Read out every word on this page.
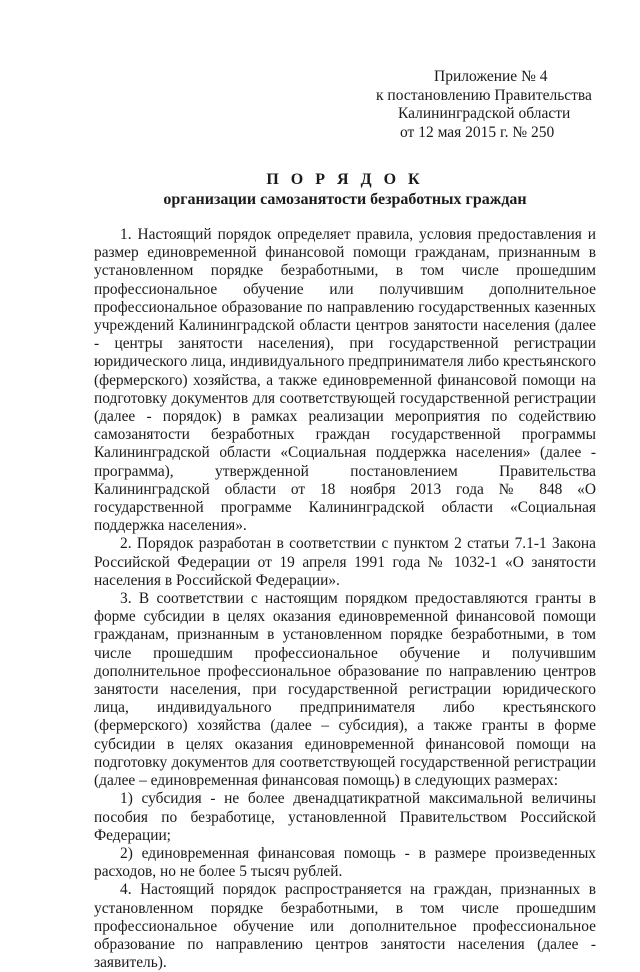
Приложение № 4
к постановлению Правительства
Калининградской области
от 12 мая 2015 г. № 250
П О Р Я Д О К
организации самозанятости безработных граждан

1. Настоящий порядок определяет правила, условия предоставления и размер единовременной финансовой помощи гражданам, признанным в установленном порядке безработными, в том числе прошедшим профессиональное обучение или получившим дополнительное профессиональное образование по направлению государственных казенных учреждений Калининградской области центров занятости населения (далее - центры занятости населения), при государственной регистрации юридического лица, индивидуального предпринимателя либо крестьянского (фермерского) хозяйства, а также единовременной финансовой помощи на подготовку документов для соответствующей государственной регистрации (далее - порядок) в рамках реализации мероприятия по содействию самозанятости безработных граждан государственной программы Калининградской области «Социальная поддержка населения» (далее - программа), утвержденной постановлением Правительства Калининградской области от 18 ноября 2013 года № 848 «О государственной программе Калининградской области «Социальная поддержка населения».

2. Порядок разработан в соответствии с пунктом 2 статьи 7.1-1 Закона Российской Федерации от 19 апреля 1991 года № 1032-1 «О занятости населения в Российской Федерации».

3. В соответствии с настоящим порядком предоставляются гранты в форме субсидии в целях оказания единовременной финансовой помощи гражданам, признанным в установленном порядке безработными, в том числе прошедшим профессиональное обучение и получившим дополнительное профессиональное образование по направлению центров занятости населения, при государственной регистрации юридического лица, индивидуального предпринимателя либо крестьянского (фермерского) хозяйства (далее – субсидия), а также гранты в форме субсидии в целях оказания единовременной финансовой помощи на подготовку документов для соответствующей государственной регистрации (далее – единовременная финансовая помощь) в следующих размерах:

1) субсидия - не более двенадцатикратной максимальной величины пособия по безработице, установленной Правительством Российской Федерации;

2) единовременная финансовая помощь - в размере произведенных расходов, но не более 5 тысяч рублей.

4. Настоящий порядок распространяется на граждан, признанных в установленном порядке безработными, в том числе прошедшим профессиональное обучение или дополнительное профессиональное образование по направлению центров занятости населения (далее - заявитель).
